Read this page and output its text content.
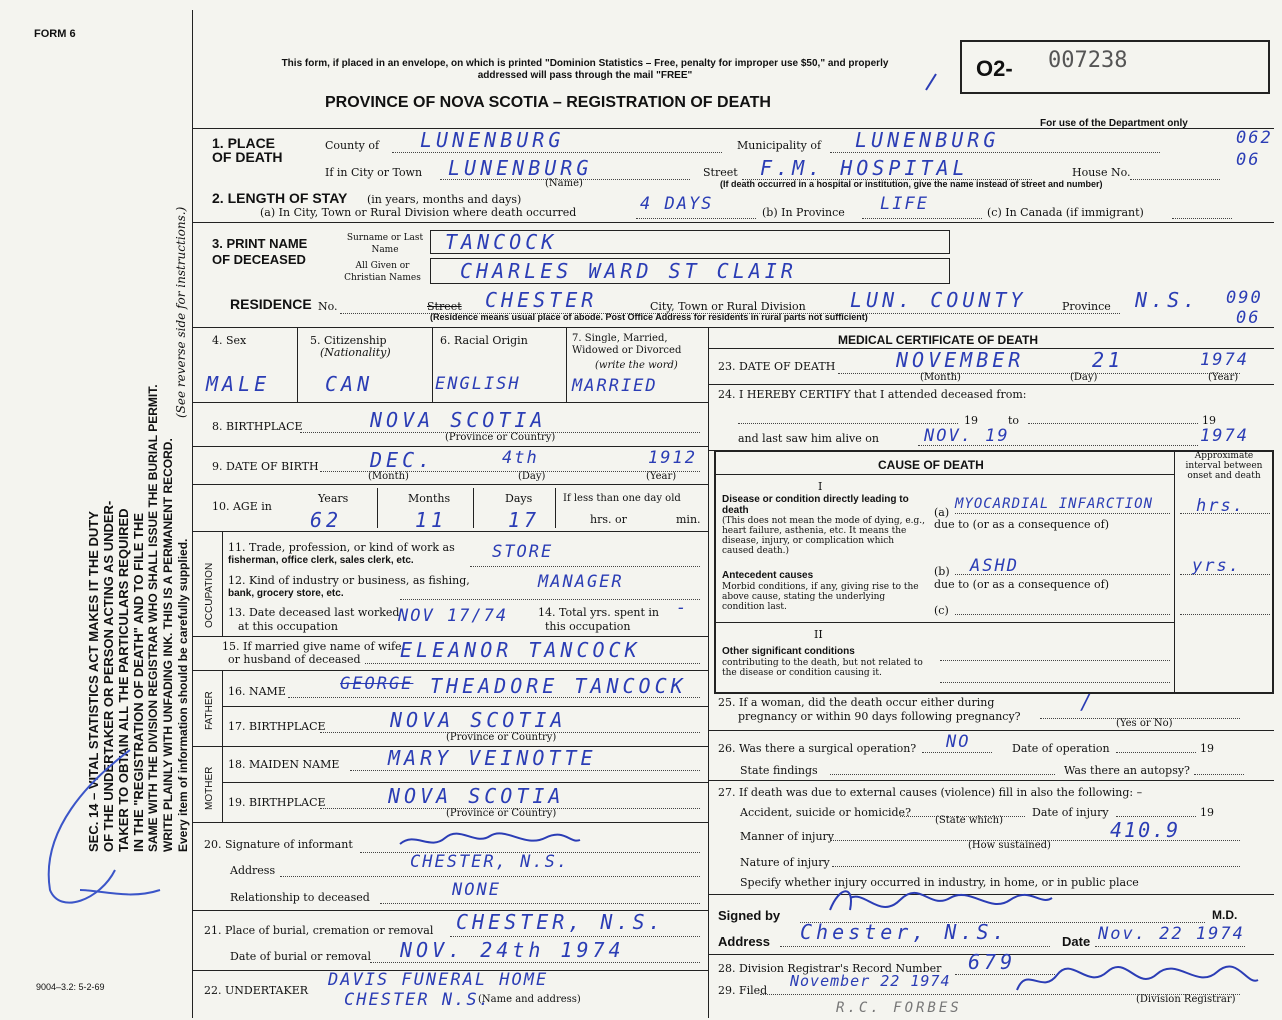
FORM 6
SEC. 14 – VITAL STATISTICS ACT MAKES IT THE DUTY OF THE UNDERTAKER OR PERSON ACTING AS UNDER- TAKER TO OBTAIN ALL THE PARTICULARS REQUIRED IN THE "REGISTRATION OF DEATH" AND TO FILE THE SAME WITH THE DIVISION REGISTRAR WHO SHALL ISSUE THE BURIAL PERMIT. WRITE PLAINLY WITH UNFADING INK. THIS IS A PERMANENT RECORD. Every item of information should be carefully supplied.
(See reverse side for instructions.)
9004–3.2: 5-2-69
This form, if placed in an envelope, on which is printed "Dominion Statistics – Free, penalty for improper use $50," and properly addressed will pass through the mail "FREE"
PROVINCE OF NOVA SCOTIA – REGISTRATION OF DEATH
O2- 007238
For use of the Department only
1. PLACE OF DEATH
County of LUNENBURG	Municipality of LUNENBURG	062
If in City or Town LUNENBURG
(Name)
Street F.M. HOSPITAL	House No.
06
(If death occurred in a hospital or institution, give the name instead of street and number)
2. LENGTH OF STAY (in years, months and days)
(a) In City, Town or Rural Division where death occurred	4 DAYS	(b) In Province LIFE	(c) In Canada (if immigrant)
3. PRINT NAME OF DECEASED
Surname or Last Name	TANCOCK
All Given or Christian Names	CHARLES WARD ST CLAIR
RESIDENCE No.	Street CHESTER	City, Town or Rural Division LUN. COUNTY	Province N.S. 090
06
(Residence means usual place of abode. Post Office Address for residents in rural parts not sufficient)
4. Sex
MALE
5. Citizenship
(Nationality)
CAN
6. Racial Origin
ENGLISH
7. Single, Married, Widowed or Divorced
(write the word)
MARRIED
8. BIRTHPLACE	NOVA SCOTIA
(Province or Country)
9. DATE OF BIRTH	DEC.	4th	1912
(Month)	(Day)	(Year)
10. AGE in
Years
62
Months
11
Days
17
If less than one day old
hrs. or	min.
OCCUPATION
11. Trade, profession, or kind of work as
fisherman, office clerk, sales clerk, etc.	STORE
12. Kind of industry or business, as fishing,
bank, grocery store, etc.
MANAGER
13. Date deceased last worked
at this occupation
NOV 17/74	14. Total yrs. spent in
this occupation
-
15. If married give name of wife
or husband of deceased ELEANOR TANCOCK
FATHER 16. NAME	GEORGE THEADORE TANCOCK
17. BIRTHPLACE	NOVA SCOTIA
(Province or Country)
MOTHER
18. MAIDEN NAME MARY VEINOTTE
19. BIRTHPLACE	NOVA SCOTIA
(Province or Country)
20. Signature of informant
Address	CHESTER, N.S.
Relationship to deceased	NONE
21. Place of burial, cremation or removal CHESTER, N.S.
Date of burial or removal NOV. 24th 1974
22. UNDERTAKER
DAVIS FUNERAL HOME
CHESTER N.S.
(Name and address)
MEDICAL CERTIFICATE OF DEATH
23. DATE OF DEATH	NOVEMBER	21	1974
(Month)	(Day)	(Year)
24. I HEREBY CERTIFY that I attended deceased from:
19	to	19
and last saw him alive on	NOV. 19	1974
CAUSE OF DEATH
Approximate interval between onset and death
I
Disease or condition directly leading to death
(This does not mean the mode of dying, e.g., heart failure, asthenia, etc. It means the disease, injury, or complication which caused death.)
(a)
MYOCARDIAL INFARCTION	hrs.
due to (or as a consequence of)
Antecedent causes
Morbid conditions, if any, giving rise to the above cause, stating the underlying condition last.
(b) ASHD	yrs.
due to (or as a consequence of)
(c)
II
Other significant conditions
contributing to the death, but not related to the disease or condition causing it.
25. If a woman, did the death occur either during
pregnancy or within 90 days following pregnancy?
/
(Yes or No)
26. Was there a surgical operation? NO	Date of operation	19
State findings	Was there an autopsy?
27. If death was due to external causes (violence) fill in also the following: –
Accident, suicide or homicide?
(State which)
Date of injury	19
Manner of injury	410.9
(How sustained)
Nature of injury
Specify whether injury occurred in industry, in home, or in public place
Signed by	M.D.
Address Chester, N.S.	Date Nov. 22 1974
28. Division Registrar's Record Number 679
29. Filed
November 22 1974
(Division Registrar)
R.C. FORBES
